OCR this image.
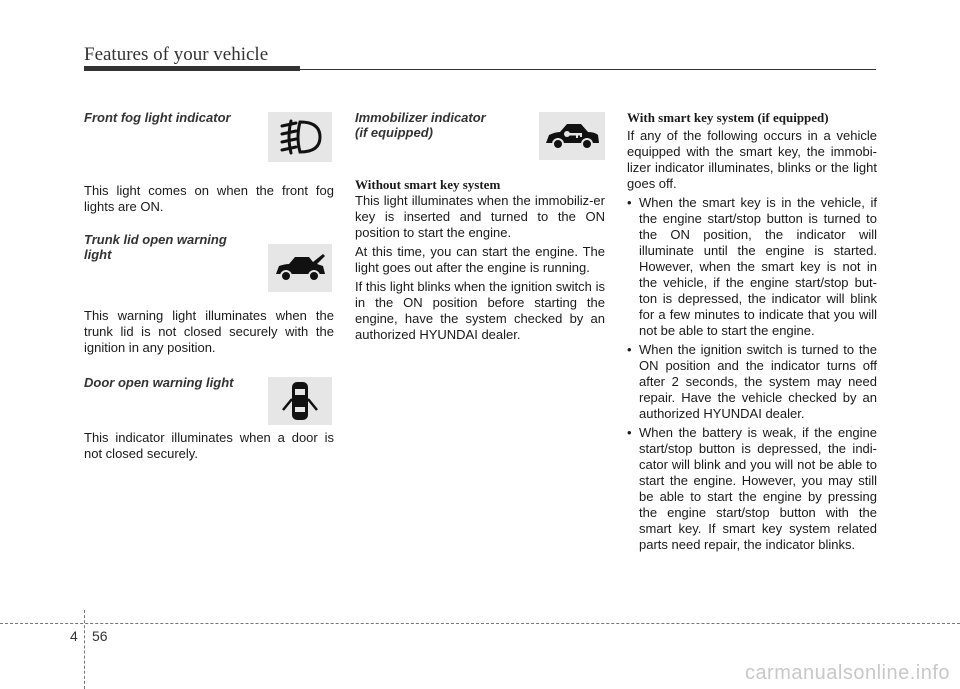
Features of your vehicle

Front fog light indicator

This light comes on when the front fog lights are ON.

Trunk lid open warning
light

This warning light illuminates when the trunk lid is not closed securely with the ignition in any position.

Door open warning light

This indicator illuminates when a door is not closed securely.

Immobilizer indicator
(if equipped)

Without smart key system

This light illuminates when the immobiliz-er key is inserted and turned to the ON position to start the engine.

At this time, you can start the engine. The light goes out after the engine is running.

If this light blinks when the ignition switch is in the ON position before starting the engine, have the system checked by an authorized HYUNDAI dealer.

With smart key system (if equipped)

If any of the following occurs in a vehicle equipped with the smart key, the immobi-lizer indicator illuminates, blinks or the light goes off.

• When the smart key is in the vehicle, if the engine start/stop button is turned to the ON position, the indicator will illuminate until the engine is started. However, when the smart key is not in the vehicle, if the engine start/stop but-ton is depressed, the indicator will blink for a few minutes to indicate that you will not be able to start the engine.
• When the ignition switch is turned to the ON position and the indicator turns off after 2 seconds, the system may need repair. Have the vehicle checked by an authorized HYUNDAI dealer.
• When the battery is weak, if the engine start/stop button is depressed, the indi-cator will blink and you will not be able to start the engine. However, you may still be able to start the engine by pressing the engine start/stop button with the smart key. If smart key system related parts need repair, the indicator blinks.
4 56
carmanualsonline.info
